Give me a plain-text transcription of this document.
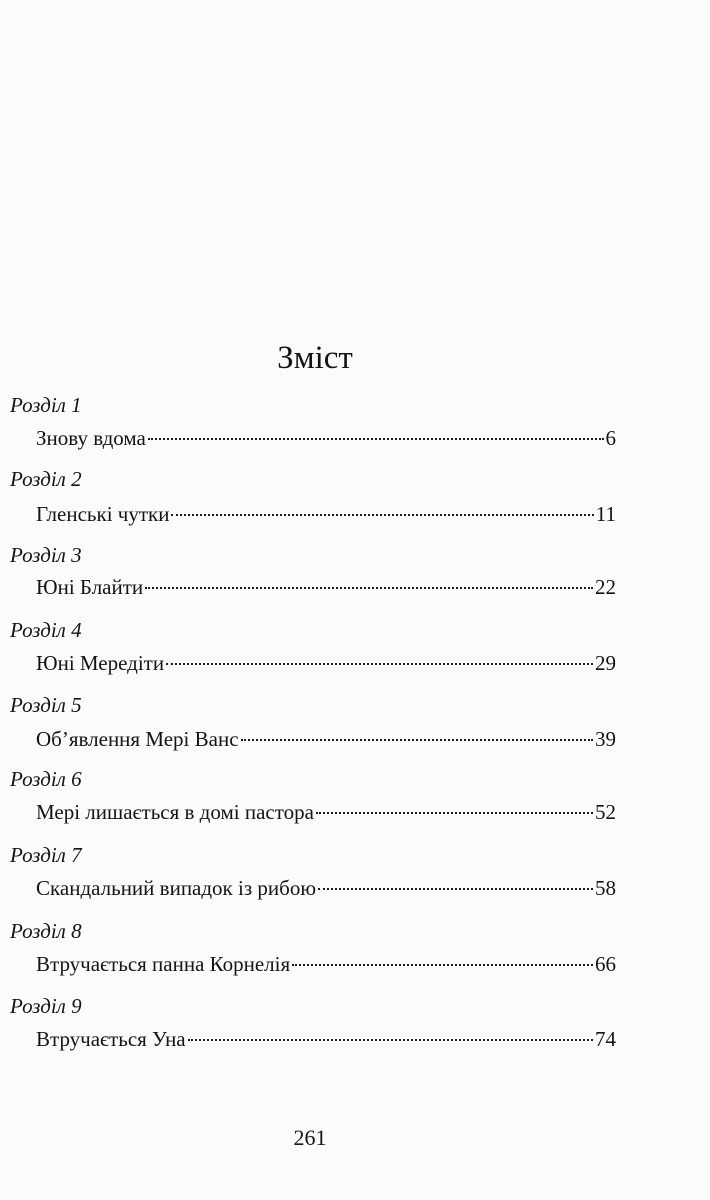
Зміст
Розділ 1
Знову вдома	6
Розділ 2
Гленські чутки	11
Розділ 3
Юні Блайти	22
Розділ 4
Юні Мередіти	29
Розділ 5
Об’явлення Мері Ванс	39
Розділ 6
Мері лишається в домі пастора	52
Розділ 7
Скандальний випадок із рибою	58
Розділ 8
Втручається панна Корнелія	66
Розділ 9
Втручається Уна	74
261
